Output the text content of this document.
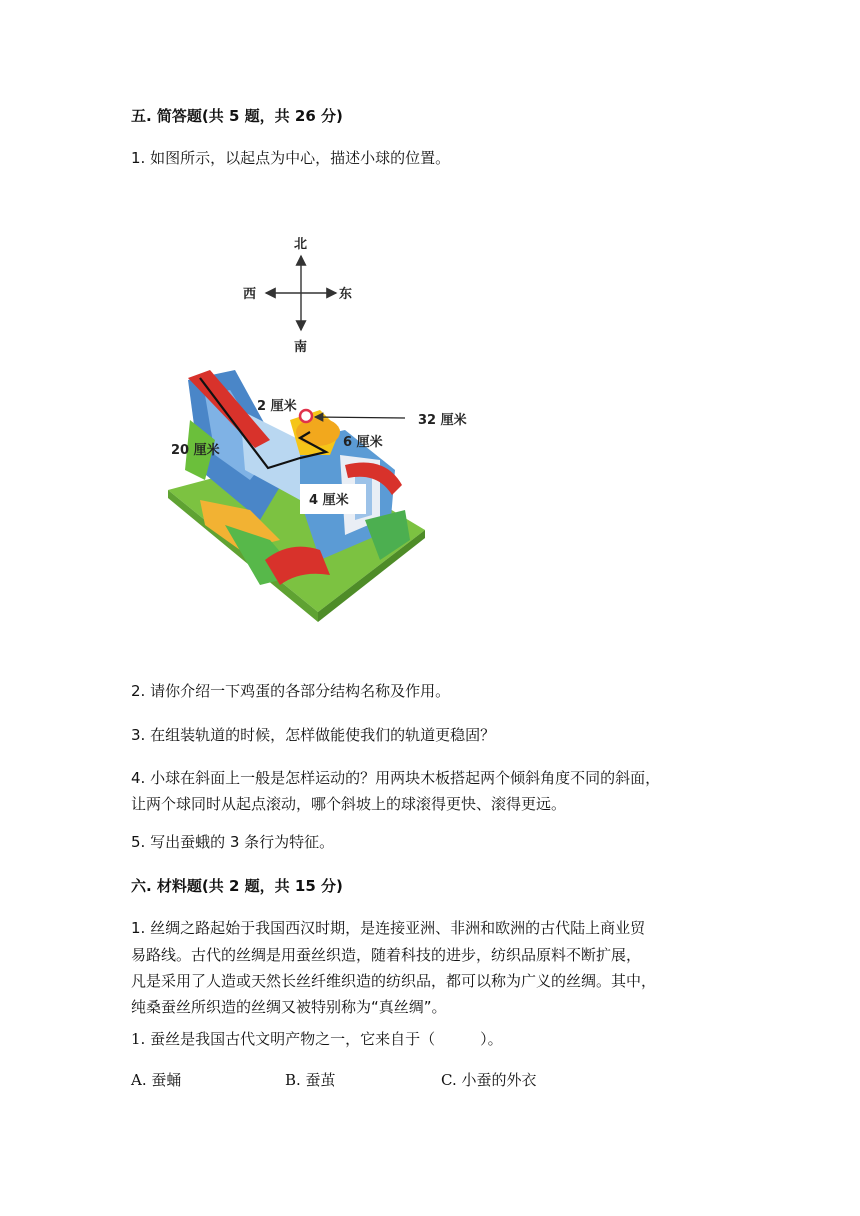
五. 简答题(共 5 题，共 26 分)
1. 如图所示，以起点为中心，描述小球的位置。
北
南
西	东
2 厘米
32 厘米
6 厘米
20 厘米
4 厘米
2. 请你介绍一下鸡蛋的各部分结构名称及作用。
3. 在组装轨道的时候，怎样做能使我们的轨道更稳固？
4. 小球在斜面上一般是怎样运动的？用两块木板搭起两个倾斜角度不同的斜面，
让两个球同时从起点滚动，哪个斜坡上的球滚得更快、滚得更远。
5. 写出蚕蛾的 3 条行为特征。
六. 材料题(共 2 题，共 15 分)
1. 丝绸之路起始于我国西汉时期，是连接亚洲、非洲和欧洲的古代陆上商业贸
易路线。古代的丝绸是用蚕丝织造，随着科技的进步，纺织品原料不断扩展，
凡是采用了人造或天然长丝纤维织造的纺织品，都可以称为广义的丝绸。其中，
纯桑蚕丝所织造的丝绸又被特别称为“真丝绸”。
1. 蚕丝是我国古代文明产物之一，它来自于（　　　）。
A. 蚕蛹	B. 蚕茧	C. 小蚕的外衣
